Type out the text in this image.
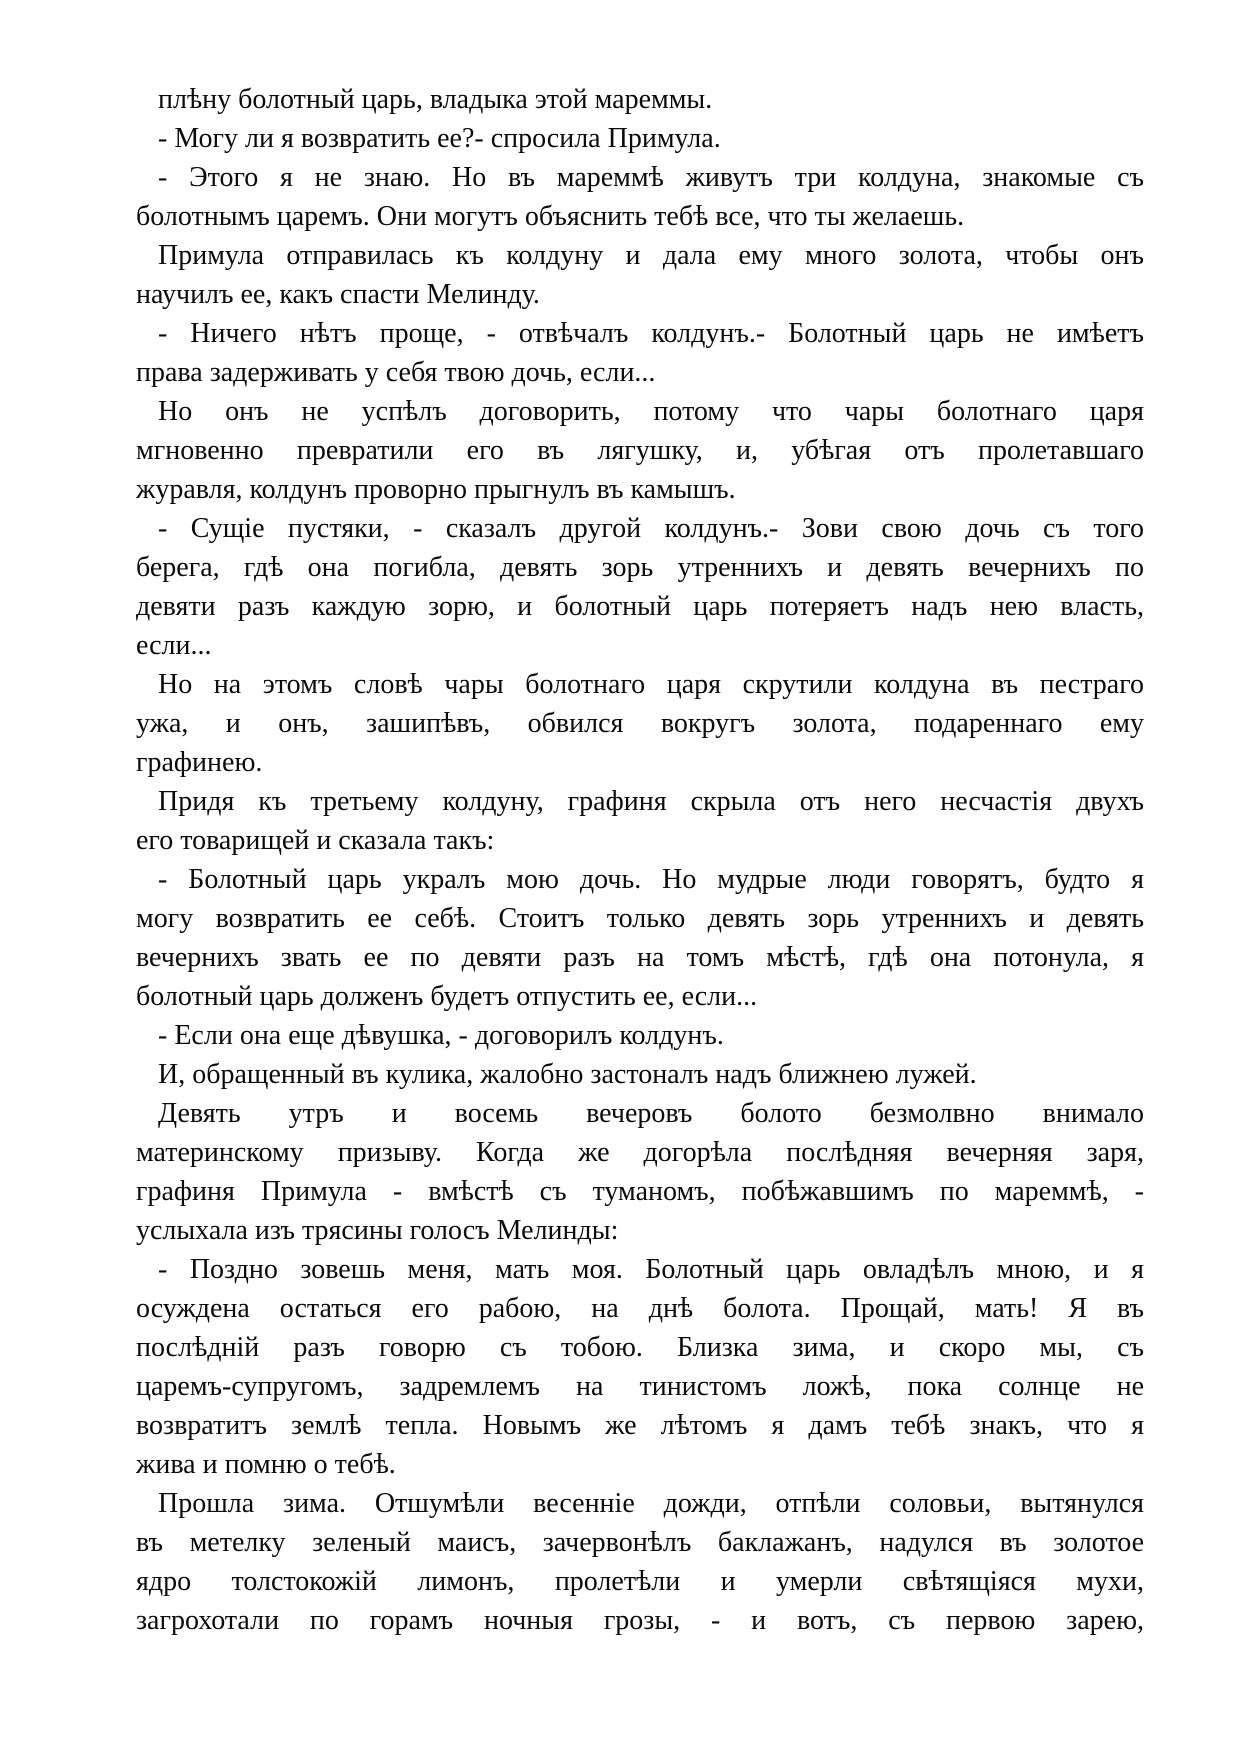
плѣну болотный царь, владыка этой мареммы.
- Могу ли я возвратить ее?- спросила Примула.
- Этого я не знаю. Но въ мареммѣ живутъ три колдуна, знакомые съ
болотнымъ царемъ. Они могутъ объяснить тебѣ все, что ты желаешь.
Примула отправилась къ колдуну и дала ему много золота, чтобы онъ
научилъ ее, какъ спасти Мелинду.
- Ничего нѣтъ проще, - отвѣчалъ колдунъ.- Болотный царь не имѣетъ
права задерживать у себя твою дочь, если...
Но онъ не успѣлъ договорить, потому что чары болотнаго царя
мгновенно превратили его въ лягушку, и, убѣгая отъ пролетавшаго
журавля, колдунъ проворно прыгнулъ въ камышъ.
- Сущіе пустяки, - сказалъ другой колдунъ.- Зови свою дочь съ того
берега, гдѣ она погибла, девять зорь утреннихъ и девять вечернихъ по
девяти разъ каждую зорю, и болотный царь потеряетъ надъ нею власть,
если...
Но на этомъ словѣ чары болотнаго царя скрутили колдуна въ пестраго
ужа, и онъ, зашипѣвъ, обвился вокругъ золота, подареннаго ему
графинею.
Придя къ третьему колдуну, графиня скрыла отъ него несчастія двухъ
его товарищей и сказала такъ:
- Болотный царь укралъ мою дочь. Но мудрые люди говорятъ, будто я
могу возвратить ее себѣ. Стоитъ только девять зорь утреннихъ и девять
вечернихъ звать ее по девяти разъ на томъ мѣстѣ, гдѣ она потонула, я
болотный царь долженъ будетъ отпустить ее, если...
- Если она еще дѣвушка, - договорилъ колдунъ.
И, обращенный въ кулика, жалобно застоналъ надъ ближнею лужей.
Девять утръ и восемь вечеровъ болото безмолвно внимало
материнскому призыву. Когда же догорѣла послѣдняя вечерняя заря,
графиня Примула - вмѣстѣ съ туманомъ, побѣжавшимъ по мареммѣ, -
услыхала изъ трясины голосъ Мелинды:
- Поздно зовешь меня, мать моя. Болотный царь овладѣлъ мною, и я
осуждена остаться его рабою, на днѣ болота. Прощай, мать! Я въ
послѣдній разъ говорю съ тобою. Близка зима, и скоро мы, съ
царемъ-супругомъ, задремлемъ на тинистомъ ложѣ, пока солнце не
возвратитъ землѣ тепла. Новымъ же лѣтомъ я дамъ тебѣ знакъ, что я
жива и помню о тебѣ.
Прошла зима. Отшумѣли весенніе дожди, отпѣли соловьи, вытянулся
въ метелку зеленый маисъ, зачервонѣлъ баклажанъ, надулся въ золотое
ядро толстокожій лимонъ, пролетѣли и умерли свѣтящіяся мухи,
загрохотали по горамъ ночныя грозы, - и вотъ, съ первою зарею,
